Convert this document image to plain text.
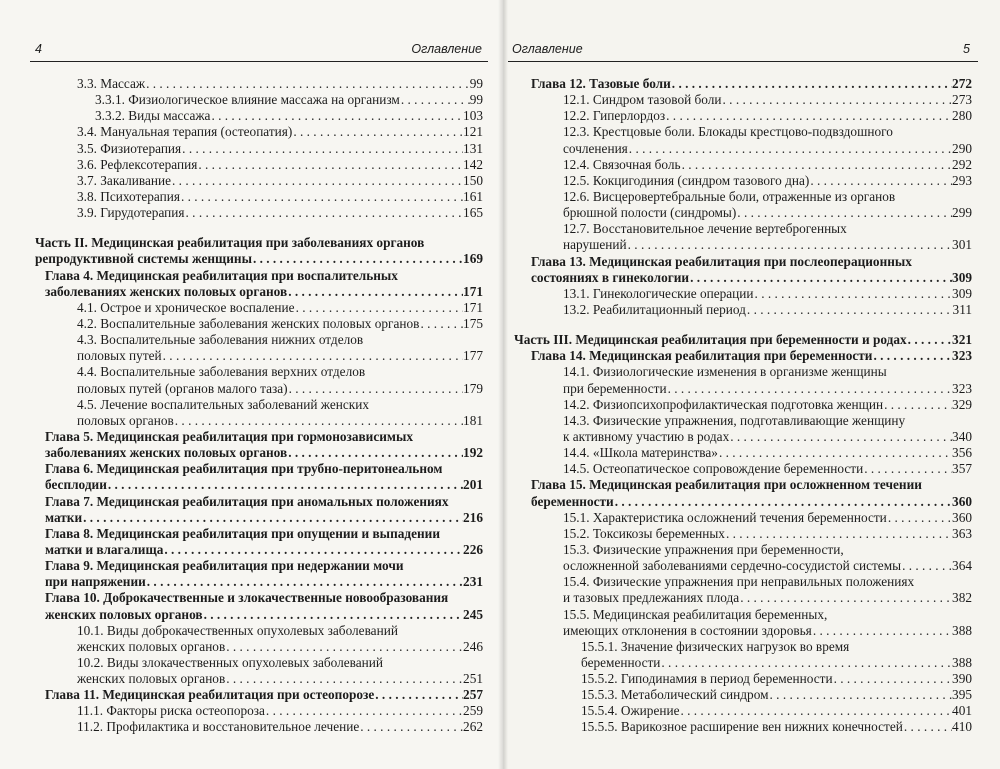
4	Оглавление
3.3. Массаж . . .	99
3.3.1. Физиологическое влияние массажа на организм . . .	99
3.3.2. Виды массажа . . .	103
3.4. Мануальная терапия (остеопатия) . . .	121
3.5. Физиотерапия . . .	131
3.6. Рефлексотерапия . . .	142
3.7. Закаливание . . .	150
3.8. Психотерапия . . .	161
3.9. Гирудотерапия . . .	165
Часть II. Медицинская реабилитация при заболеваниях органов
репродуктивной системы женщины . . .	169
Глава 4. Медицинская реабилитация при воспалительных
заболеваниях женских половых органов . . .	171
4.1. Острое и хроническое воспаление . . .	171
4.2. Воспалительные заболевания женских половых органов . . .	175
4.3. Воспалительные заболевания нижних отделов
половых путей . . .	177
4.4. Воспалительные заболевания верхних отделов
половых путей (органов малого таза) . . .	179
4.5. Лечение воспалительных заболеваний женских
половых органов . . .	181
Глава 5. Медицинская реабилитация при гормонозависимых
заболеваниях женских половых органов . . .	192
Глава 6. Медицинская реабилитация при трубно-перитонеальном
бесплодии . . .	201
Глава 7. Медицинская реабилитация при аномальных положениях
матки . . .	216
Глава 8. Медицинская реабилитация при опущении и выпадении
матки и влагалища . . .	226
Глава 9. Медицинская реабилитация при недержании мочи
при напряжении . . .	231
Глава 10. Доброкачественные и злокачественные новообразования
женских половых органов . . .	245
10.1. Виды доброкачественных опухолевых заболеваний
женских половых органов . . .	246
10.2. Виды злокачественных опухолевых заболеваний
женских половых органов . . .	251
Глава 11. Медицинская реабилитация при остеопорозе . . .	257
11.1. Факторы риска остеопороза . . .	259
11.2. Профилактика и восстановительное лечение . . .	262
Оглавление	5
Глава 12. Тазовые боли . . .	272
12.1. Синдром тазовой боли . . .	273
12.2. Гиперлордоз . . .	280
12.3. Крестцовые боли. Блокады крестцово-подвздошного
сочленения . . .	290
12.4. Связочная боль . . .	292
12.5. Кокцигодиния (синдром тазового дна) . . .	293
12.6. Висцеровертебральные боли, отраженные из органов
брюшной полости (синдромы) . . .	299
12.7. Восстановительное лечение вертеброгенных
нарушений . . .	301
Глава 13. Медицинская реабилитация при послеоперационных
состояниях в гинекологии . . .	309
13.1. Гинекологические операции . . .	309
13.2. Реабилитационный период . . .	311
Часть III. Медицинская реабилитация при беременности и родах . . .	321
Глава 14. Медицинская реабилитация при беременности . . .	323
14.1. Физиологические изменения в организме женщины
при беременности . . .	323
14.2. Физиопсихопрофилактическая подготовка женщин . . .	329
14.3. Физические упражнения, подготавливающие женщину
к активному участию в родах . . .	340
14.4. «Школа материнства» . . .	356
14.5. Остеопатическое сопровождение беременности . . .	357
Глава 15. Медицинская реабилитация при осложненном течении
беременности . . .	360
15.1. Характеристика осложнений течения беременности . . .	360
15.2. Токсикозы беременных . . .	363
15.3. Физические упражнения при беременности,
осложненной заболеваниями сердечно-сосудистой системы . . .	364
15.4. Физические упражнения при неправильных положениях
и тазовых предлежаниях плода . . .	382
15.5. Медицинская реабилитация беременных,
имеющих отклонения в состоянии здоровья . . .	388
15.5.1. Значение физических нагрузок во время
беременности . . .	388
15.5.2. Гиподинамия в период беременности . . .	390
15.5.3. Метаболический синдром . . .	395
15.5.4. Ожирение . . .	401
15.5.5. Варикозное расширение вен нижних конечностей . . .	410
